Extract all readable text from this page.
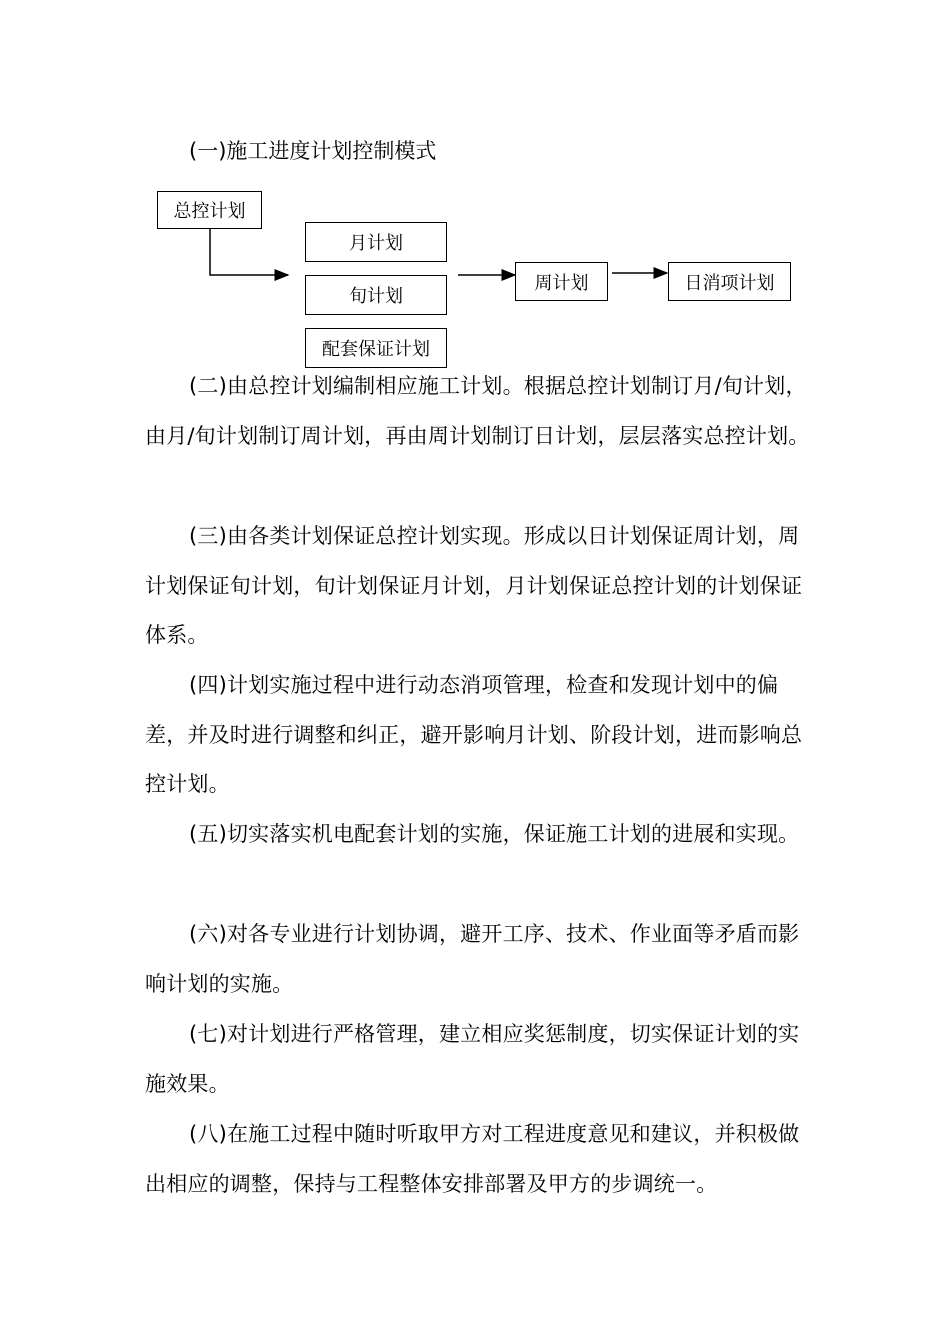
(一)施工进度计划控制模式
总控计划
月计划
旬计划
配套保证计划
周计划	日消项计划

(二)由总控计划编制相应施工计划。根据总控计划制订月/旬计划，由月/旬计划制订周计划，再由周计划制订日计划，层层落实总控计划。

(三)由各类计划保证总控计划实现。形成以日计划保证周计划，周计划保证旬计划，旬计划保证月计划，月计划保证总控计划的计划保证体系。

(四)计划实施过程中进行动态消项管理，检查和发现计划中的偏差，并及时进行调整和纠正，避开影响月计划、阶段计划，进而影响总控计划。

(五)切实落实机电配套计划的实施，保证施工计划的进展和实现。

(六)对各专业进行计划协调，避开工序、技术、作业面等矛盾而影响计划的实施。

(七)对计划进行严格管理，建立相应奖惩制度，切实保证计划的实施效果。

(八)在施工过程中随时听取甲方对工程进度意见和建议，并积极做出相应的调整，保持与工程整体安排部署及甲方的步调统一。
